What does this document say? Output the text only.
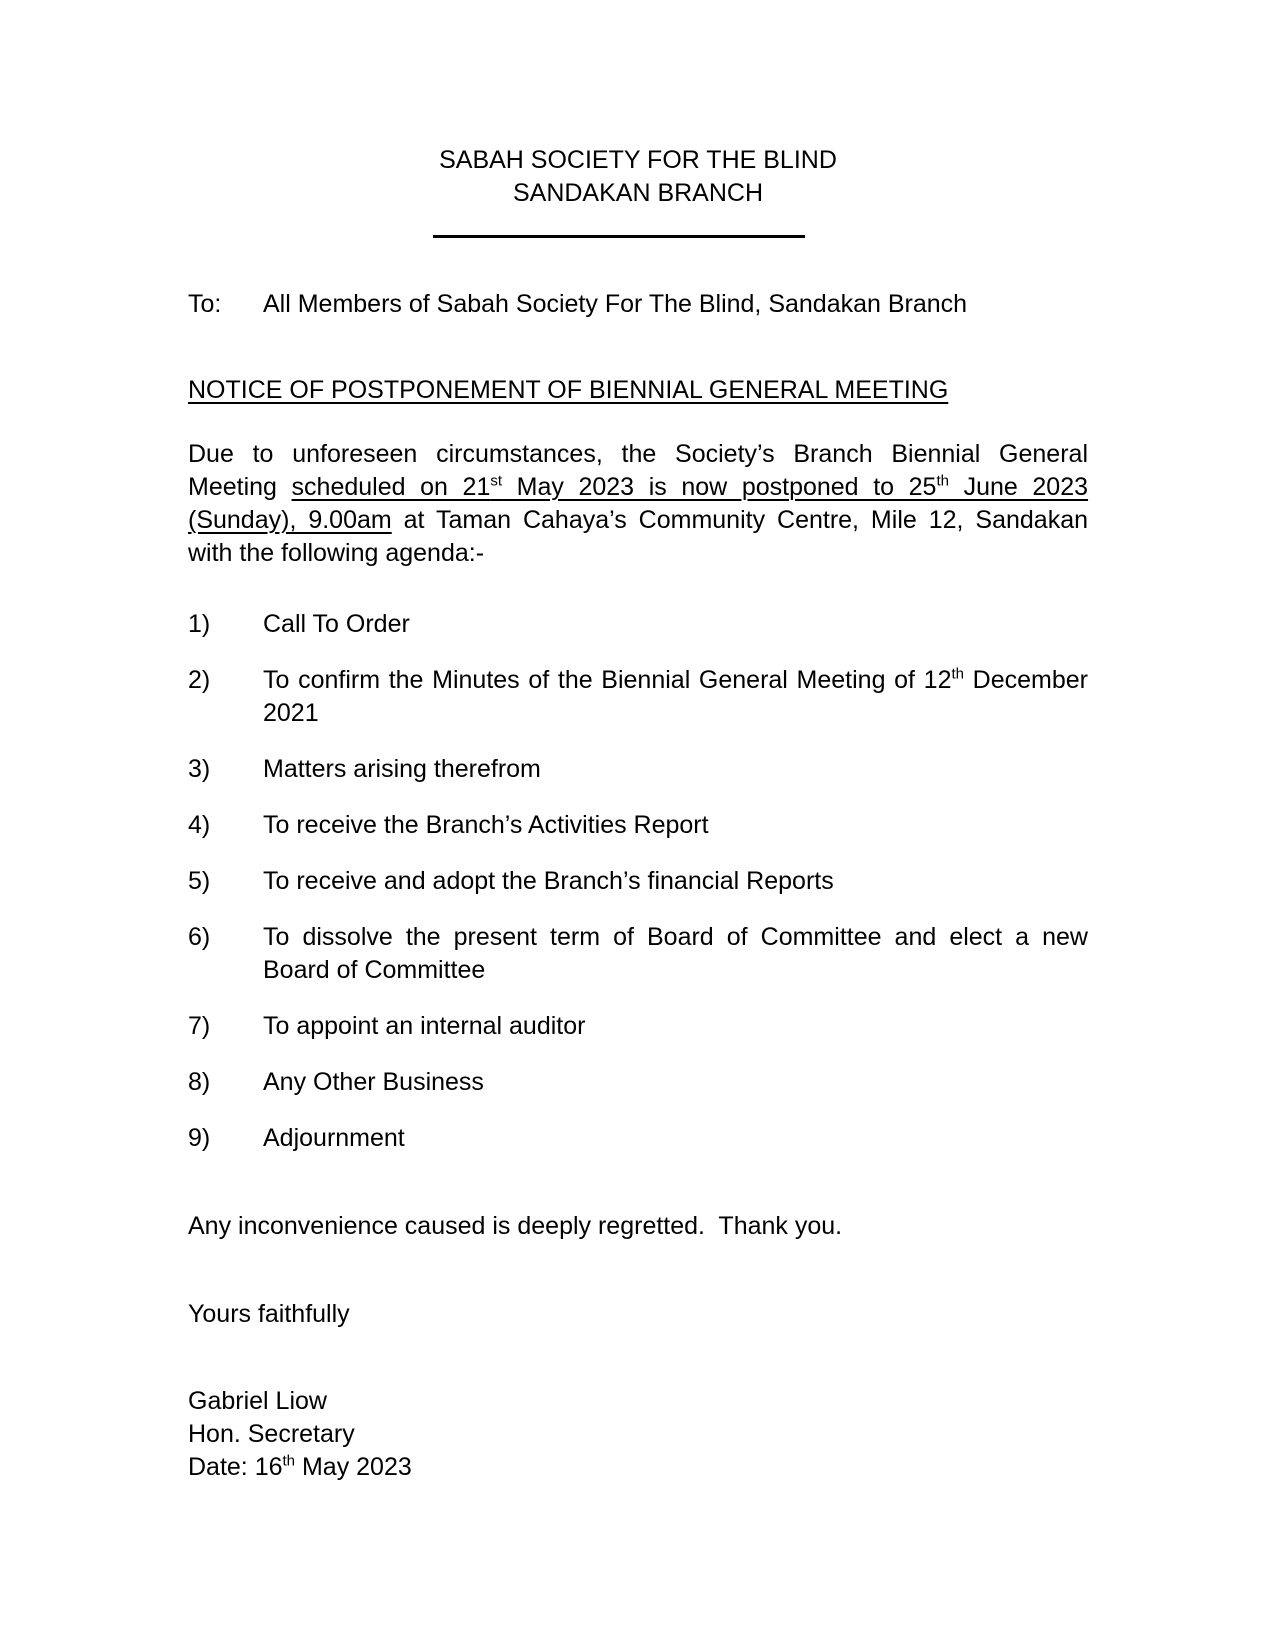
SABAH SOCIETY FOR THE BLIND
SANDAKAN BRANCH
To:	All Members of Sabah Society For The Blind, Sandakan Branch
NOTICE OF POSTPONEMENT OF BIENNIAL GENERAL MEETING

Due to unforeseen circumstances, the Society’s Branch Biennial General Meeting scheduled on 21st May 2023 is now postponed to 25th June 2023 (Sunday), 9.00am at Taman Cahaya’s Community Centre, Mile 12, Sandakan with the following agenda:-

1)	Call To Order
2)	To confirm the Minutes of the Biennial General Meeting of 12th December 2021
3)	Matters arising therefrom
4)	To receive the Branch’s Activities Report
5)	To receive and adopt the Branch’s financial Reports
6)	To dissolve the present term of Board of Committee and elect a new Board of Committee
7)	To appoint an internal auditor
8)	Any Other Business
9)	Adjournment

Any inconvenience caused is deeply regretted.  Thank you.

Yours faithfully

Gabriel Liow
Hon. Secretary
Date: 16th May 2023
